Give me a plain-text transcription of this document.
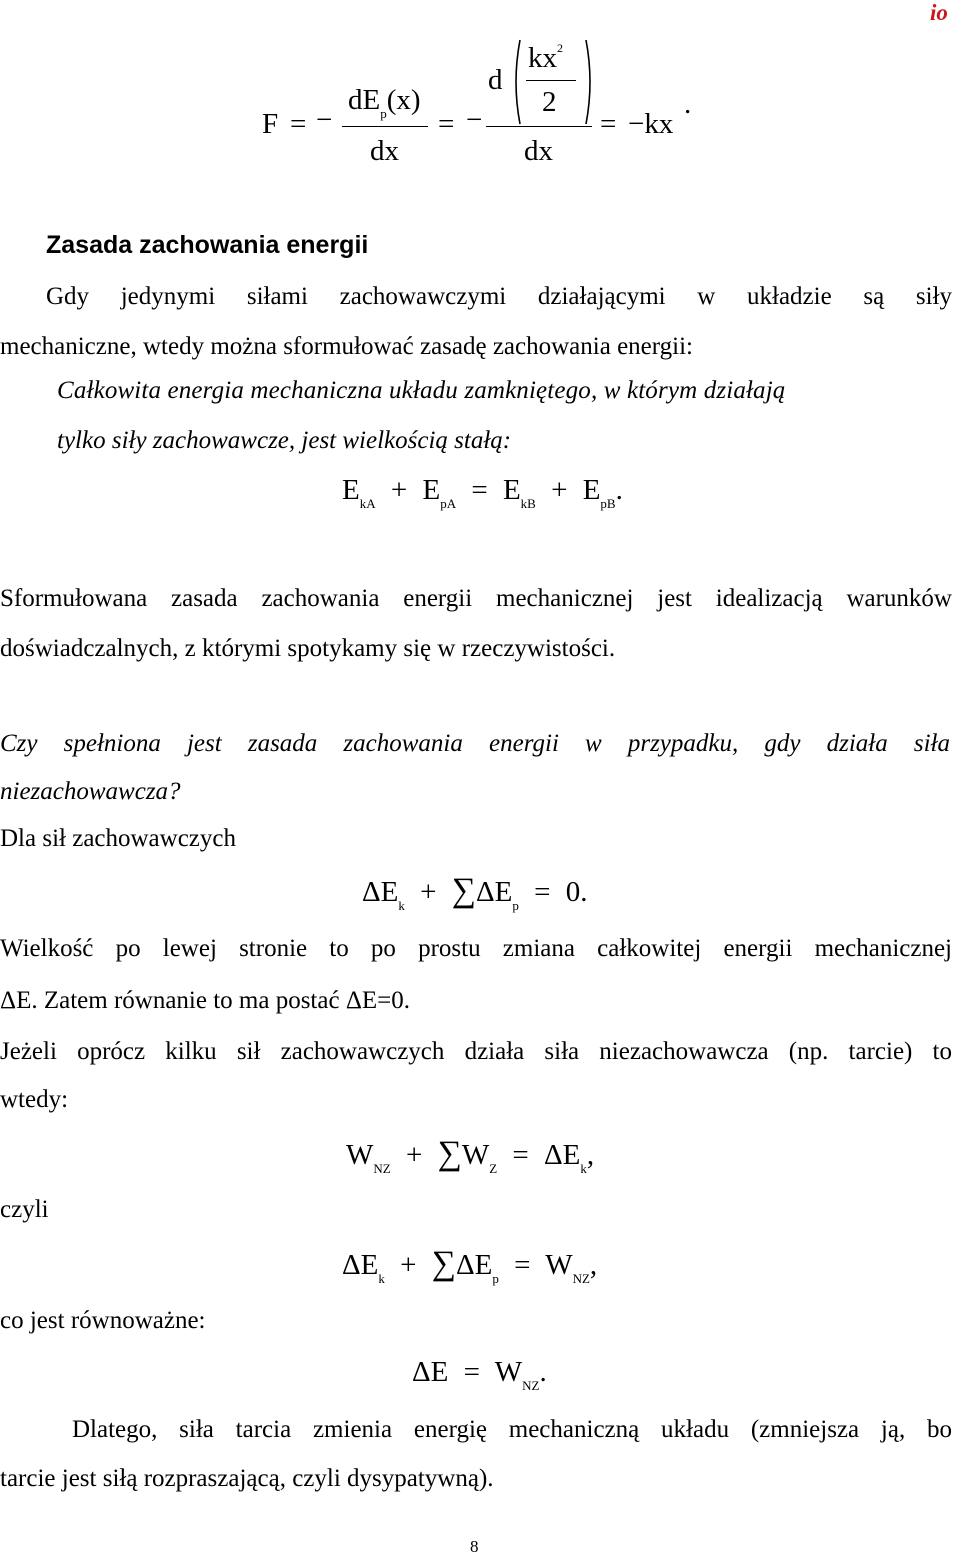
io
F = −
$dE_p(x)$
dx
= −
d
$kx^2$
2
dx
= −kx
.
Zasada zachowania energii
Gdy jedynymi siłami zachowawczymi działającymi w układzie są siły
mechaniczne, wtedy można sformułować zasadę zachowania energii:
Całkowita energia mechaniczna układu zamkniętego, w którym działają
tylko siły zachowawcze, jest wielkością stałą:
$E_{kA} + E_{pA} = E_{kB} + E_{pB}$.
Sformułowana zasada zachowania energii mechanicznej jest idealizacją warunków
doświadczalnych, z którymi spotykamy się w rzeczywistości.
Czy spełniona jest zasada zachowania energii w przypadku, gdy działa siła
niezachowawcza?
Dla sił zachowawczych
$\Delta E_k + \sum\Delta E_p = 0$.
Wielkość po lewej stronie to po prostu zmiana całkowitej energii mechanicznej
ΔE. Zatem równanie to ma postać ΔE=0.
Jeżeli oprócz kilku sił zachowawczych działa siła niezachowawcza (np. tarcie) to
wtedy:
$W_{NZ} + \sum W_Z = \Delta E_k$,
czyli
$\Delta E_k + \sum\Delta E_p = W_{NZ}$,
co jest równoważne:
$\Delta E = W_{NZ}$.
Dlatego, siła tarcia zmienia energię mechaniczną układu (zmniejsza ją, bo
tarcie jest siłą rozpraszającą, czyli dysypatywną).
8
